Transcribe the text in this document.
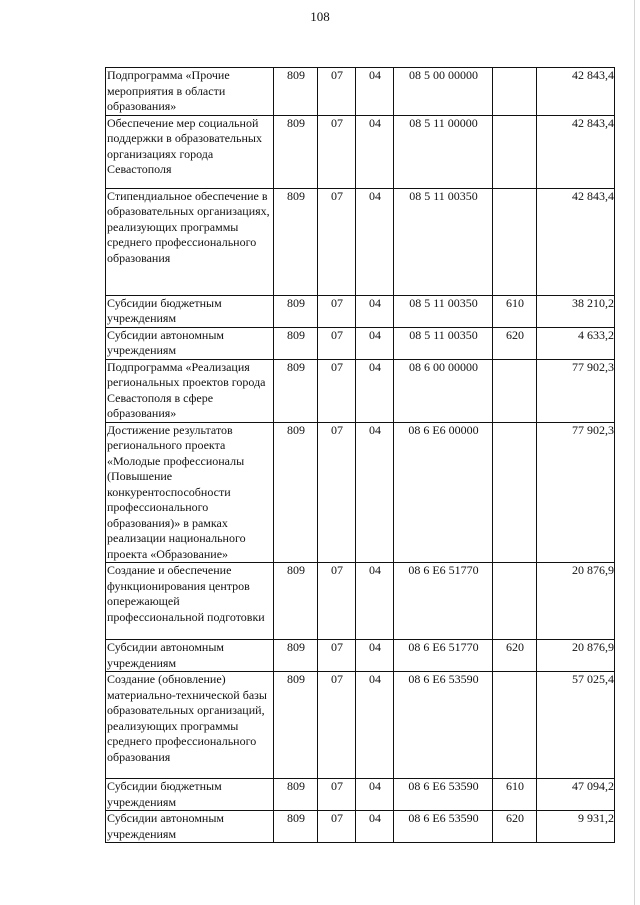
108
Подпрограмма «Прочие мероприятия в области образования»	809	07	04	08 5 00 00000		42 843,4
Обеспечение мер социальной поддержки в образовательных организациях города Севастополя	809	07	04	08 5 11 00000		42 843,4
Стипендиальное обеспечение в образовательных организациях, реализующих программы среднего профессионального образования	809	07	04	08 5 11 00350		42 843,4
Субсидии бюджетным учреждениям	809	07	04	08 5 11 00350	610	38 210,2
Субсидии автономным учреждениям	809	07	04	08 5 11 00350	620	4 633,2
Подпрограмма «Реализация региональных проектов города Севастополя в сфере образования»	809	07	04	08 6 00 00000		77 902,3
Достижение результатов регионального проекта «Молодые профессионалы (Повышение конкурентоспособности профессионального образования)» в рамках реализации национального проекта «Образование»	809	07	04	08 6 E6 00000		77 902,3
Создание и обеспечение функционирования центров опережающей профессиональной подготовки	809	07	04	08 6 E6 51770		20 876,9
Субсидии автономным учреждениям	809	07	04	08 6 E6 51770	620	20 876,9
Создание (обновление) материально-технической базы образовательных организаций, реализующих программы среднего профессионального образования	809	07	04	08 6 E6 53590		57 025,4
Субсидии бюджетным учреждениям	809	07	04	08 6 E6 53590	610	47 094,2
Субсидии автономным учреждениям	809	07	04	08 6 E6 53590	620	9 931,2
